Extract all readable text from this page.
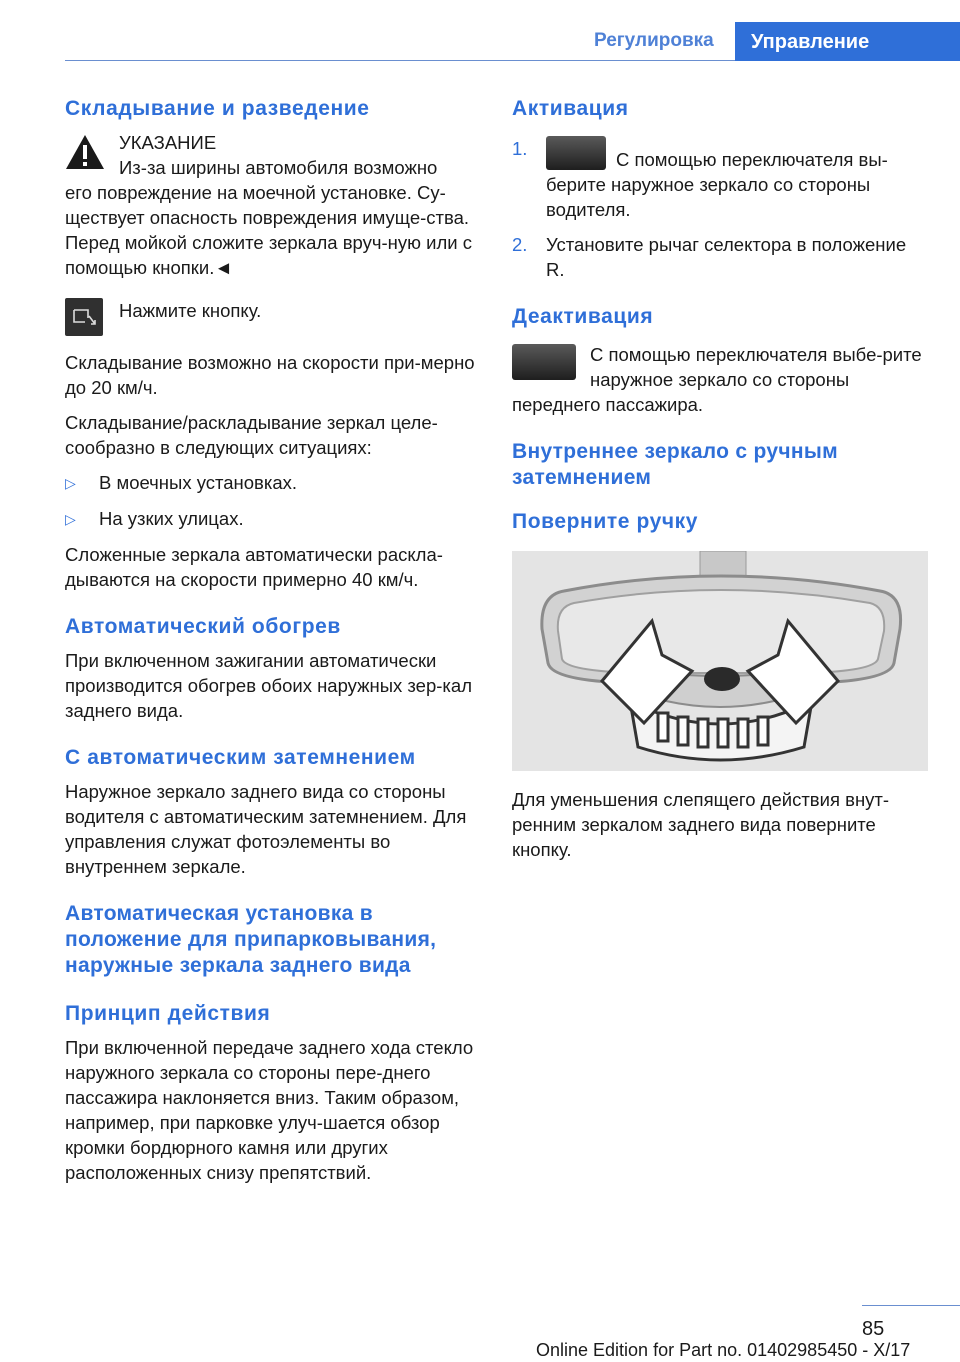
Регулировка	Управление
Складывание и разведение
УКАЗАНИЕ
Из-за ширины автомобиля возможно
его повреждение на моечной установке. Су-ществует опасность повреждения имуще-ства. Перед мойкой сложите зеркала вруч-ную или с помощью кнопки.◄
Нажмите кнопку.

Складывание возможно на скорости при-мерно до 20 км/ч.

Складывание/раскладывание зеркал целе-сообразно в следующих ситуациях:

▷	В моечных установках.
▷	На узких улицах.

Сложенные зеркала автоматически раскла-дываются на скорости примерно 40 км/ч.

Автоматический обогрев

При включенном зажигании автоматически производится обогрев обоих наружных зер-кал заднего вида.

С автоматическим затемнением

Наружное зеркало заднего вида со стороны водителя с автоматическим затемнением. Для управления служат фотоэлементы во внутреннем зеркале.

Автоматическая установка в положение для припарковывания, наружные зеркала заднего вида
Принцип действия

При включенной передаче заднего хода стекло наружного зеркала со стороны пере-днего пассажира наклоняется вниз. Таким образом, например, при парковке улуч-шается обзор кромки бордюрного камня или других расположенных снизу препятствий.

Активация
1.
С помощью переключателя вы-берите наружное зеркало со стороны водителя.
2.	Установите рычаг селектора в положение R.
Деактивация
С помощью переключателя выбе-рите наружное зеркало со стороны
переднего пассажира.
Внутреннее зеркало с ручным затемнением
Поверните ручку

Для уменьшения слепящего действия внут-ренним зеркалом заднего вида поверните кнопку.

85
Online Edition for Part no. 01402985450 - X/17
